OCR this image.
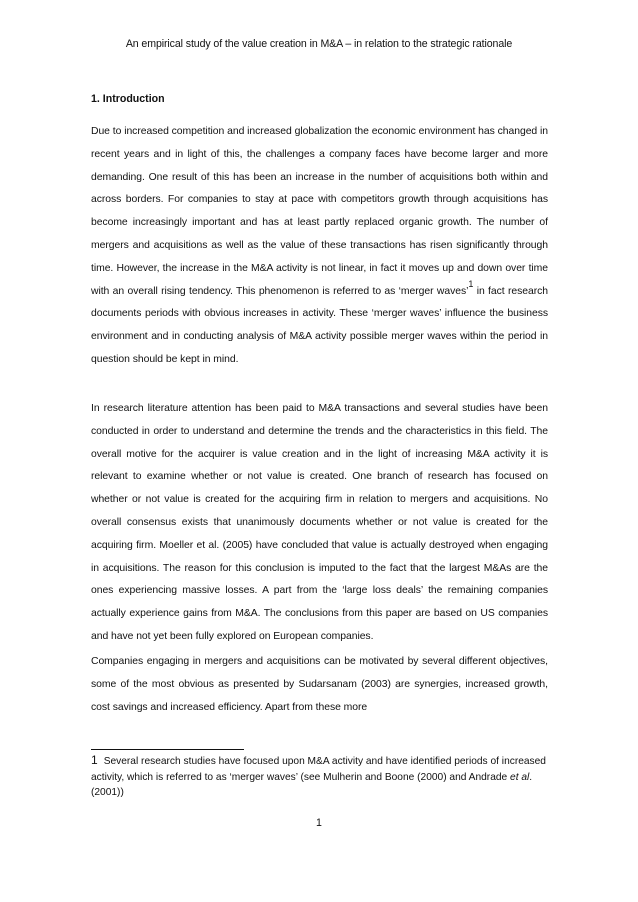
An empirical study of the value creation in M&A – in relation to the strategic rationale
1. Introduction

Due to increased competition and increased globalization the economic environment has changed in recent years and in light of this, the challenges a company faces have become larger and more demanding. One result of this has been an increase in the number of acquisitions both within and across borders. For companies to stay at pace with competitors growth through acquisitions has become increasingly important and has at least partly replaced organic growth. The number of mergers and acquisitions as well as the value of these transactions has risen significantly through time. However, the increase in the M&A activity is not linear, in fact it moves up and down over time with an overall rising tendency. This phenomenon is referred to as ‘merger waves’$^1$ in fact research documents periods with obvious increases in activity. These ‘merger waves’ influence the business environment and in conducting analysis of M&A activity possible merger waves within the period in question should be kept in mind.

In research literature attention has been paid to M&A transactions and several studies have been conducted in order to understand and determine the trends and the characteristics in this field. The overall motive for the acquirer is value creation and in the light of increasing M&A activity it is relevant to examine whether or not value is created. One branch of research has focused on whether or not value is created for the acquiring firm in relation to mergers and acquisitions. No overall consensus exists that unanimously documents whether or not value is created for the acquiring firm. Moeller et al. (2005) have concluded that value is actually destroyed when engaging in acquisitions. The reason for this conclusion is imputed to the fact that the largest M&As are the ones experiencing massive losses. A part from the ‘large loss deals’ the remaining companies actually experience gains from M&A. The conclusions from this paper are based on US companies and have not yet been fully explored on European companies.

Companies engaging in mergers and acquisitions can be motivated by several different objectives, some of the most obvious as presented by Sudarsanam (2003) are synergies, increased growth, cost savings and increased efficiency. Apart from these more

1 Several research studies have focused upon M&A activity and have identified periods of increased activity, which is referred to as ‘merger waves’ (see Mulherin and Boone (2000) and Andrade et al. (2001))

1
